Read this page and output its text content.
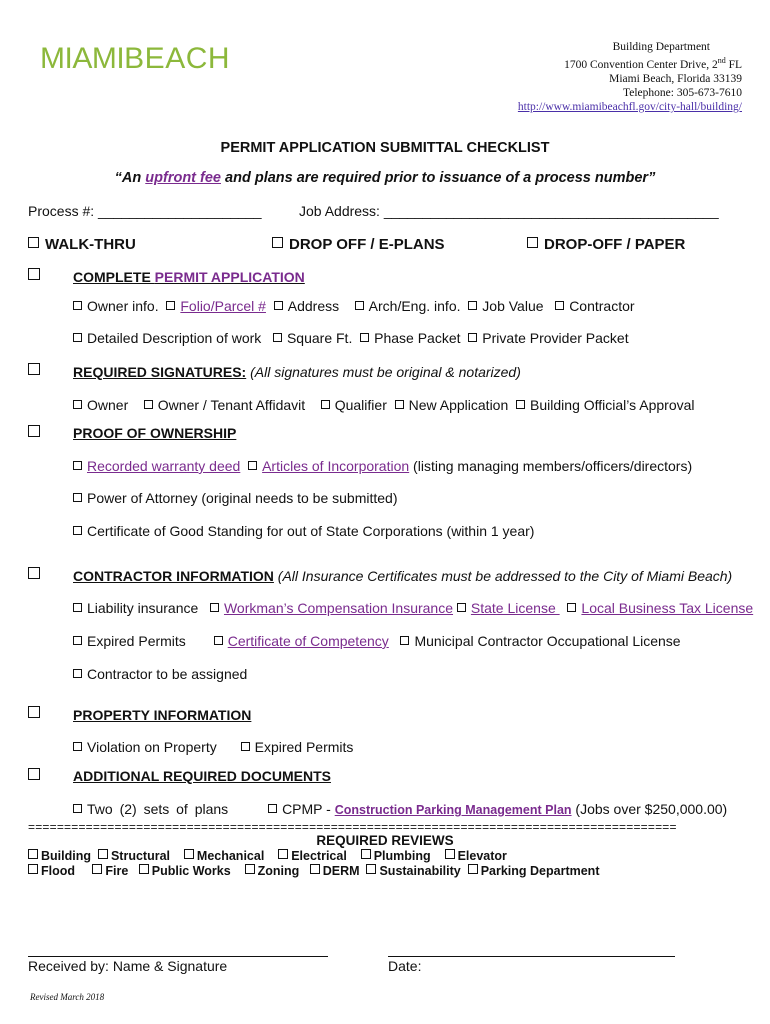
MIAMIBEACH	Building Department
1700 Convention Center Drive, 2nd FL
Miami Beach, Florida 33139
Telephone: 305-673-7610
http://www.miamibeachfl.gov/city-hall/building/
PERMIT APPLICATION SUBMITTAL CHECKLIST
“An upfront fee and plans are required prior to issuance of a process number”
Process #: _____________________	Job Address: ___________________________________________
WALK-THRU	DROP OFF / E-PLANS	DROP-OFF / PAPER
COMPLETE PERMIT APPLICATION
Owner info. Folio/Parcel # Address Arch/Eng. info. Job Value Contractor
Detailed Description of work Square Ft. Phase Packet Private Provider Packet
REQUIRED SIGNATURES: (All signatures must be original & notarized)
Owner Owner / Tenant Affidavit Qualifier New Application Building Official’s Approval
PROOF OF OWNERSHIP
Recorded warranty deed Articles of Incorporation (listing managing members/officers/directors)
Power of Attorney (original needs to be submitted)
Certificate of Good Standing for out of State Corporations (within 1 year)
CONTRACTOR INFORMATION (All Insurance Certificates must be addressed to the City of Miami Beach)
Liability insurance Workman’s Compensation Insurance State License   Local Business Tax License
Expired Permits	Certificate of Competency Municipal Contractor Occupational License
Contractor to be assigned
PROPERTY INFORMATION
Violation on Property	Expired Permits
ADDITIONAL REQUIRED DOCUMENTS
Two (2) sets of plans	CPMP - Construction Parking Management Plan (Jobs over $250,000.00)
==========================================================================================
REQUIRED REVIEWS
Building Structural Mechanical Electrical Plumbing Elevator
Flood Fire Public Works Zoning DERM Sustainability Parking Department
Received by: Name & Signature	Date:
Revised March 2018
